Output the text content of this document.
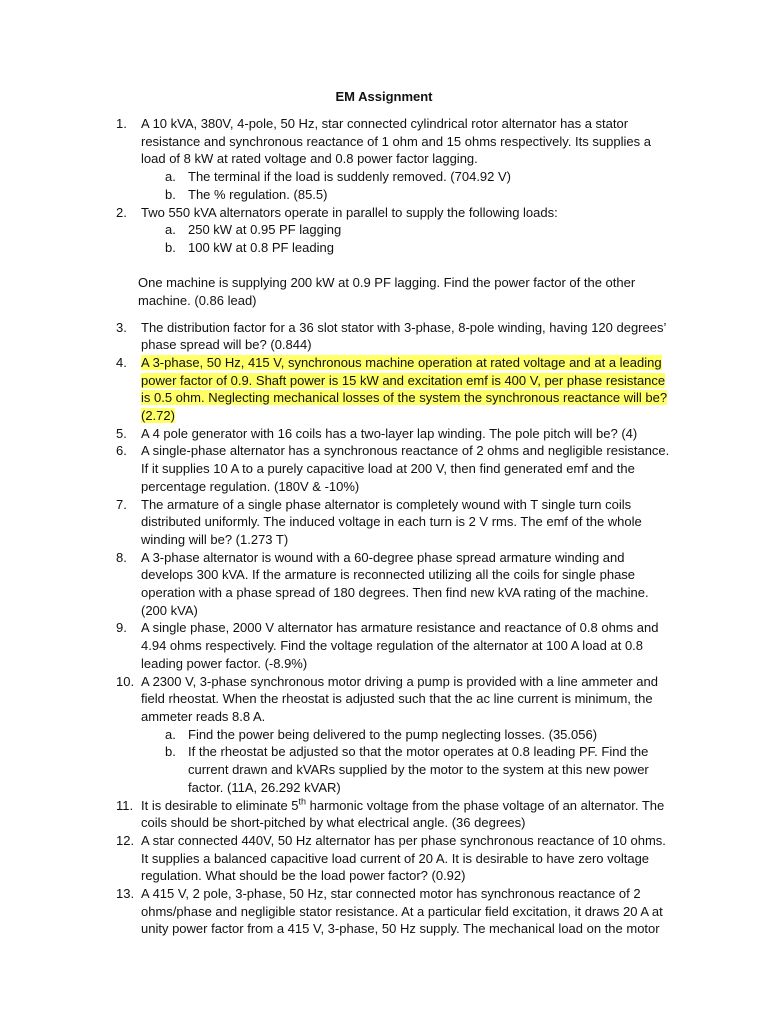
EM Assignment
1. A 10 kVA, 380V, 4-pole, 50 Hz, star connected cylindrical rotor alternator has a stator resistance and synchronous reactance of 1 ohm and 15 ohms respectively. Its supplies a load of 8 kW at rated voltage and 0.8 power factor lagging.
a. The terminal if the load is suddenly removed. (704.92 V)
b. The % regulation. (85.5)
2. Two 550 kVA alternators operate in parallel to supply the following loads:
a. 250 kW at 0.95 PF lagging
b. 100 kW at 0.8 PF leading
One machine is supplying 200 kW at 0.9 PF lagging. Find the power factor of the other machine. (0.86 lead)
3. The distribution factor for a 36 slot stator with 3-phase, 8-pole winding, having 120 degrees’ phase spread will be? (0.844)
4. A 3-phase, 50 Hz, 415 V, synchronous machine operation at rated voltage and at a leading power factor of 0.9. Shaft power is 15 kW and excitation emf is 400 V, per phase resistance is 0.5 ohm. Neglecting mechanical losses of the system the synchronous reactance will be? (2.72)
5. A 4 pole generator with 16 coils has a two-layer lap winding. The pole pitch will be? (4)
6. A single-phase alternator has a synchronous reactance of 2 ohms and negligible resistance. If it supplies 10 A to a purely capacitive load at 200 V, then find generated emf and the percentage regulation. (180V & -10%)
7. The armature of a single phase alternator is completely wound with T single turn coils distributed uniformly. The induced voltage in each turn is 2 V rms. The emf of the whole winding will be? (1.273 T)
8. A 3-phase alternator is wound with a 60-degree phase spread armature winding and develops 300 kVA. If the armature is reconnected utilizing all the coils for single phase operation with a phase spread of 180 degrees. Then find new kVA rating of the machine. (200 kVA)
9. A single phase, 2000 V alternator has armature resistance and reactance of 0.8 ohms and 4.94 ohms respectively. Find the voltage regulation of the alternator at 100 A load at 0.8 leading power factor. (-8.9%)
10. A 2300 V, 3-phase synchronous motor driving a pump is provided with a line ammeter and field rheostat. When the rheostat is adjusted such that the ac line current is minimum, the ammeter reads 8.8 A.
a. Find the power being delivered to the pump neglecting losses. (35.056)
b. If the rheostat be adjusted so that the motor operates at 0.8 leading PF. Find the current drawn and kVARs supplied by the motor to the system at this new power factor. (11A, 26.292 kVAR)
11. It is desirable to eliminate 5th harmonic voltage from the phase voltage of an alternator. The coils should be short-pitched by what electrical angle. (36 degrees)
12. A star connected 440V, 50 Hz alternator has per phase synchronous reactance of 10 ohms. It supplies a balanced capacitive load current of 20 A. It is desirable to have zero voltage regulation. What should be the load power factor? (0.92)
13. A 415 V, 2 pole, 3-phase, 50 Hz, star connected motor has synchronous reactance of 2 ohms/phase and negligible stator resistance. At a particular field excitation, it draws 20 A at unity power factor from a 415 V, 3-phase, 50 Hz supply. The mechanical load on the motor
